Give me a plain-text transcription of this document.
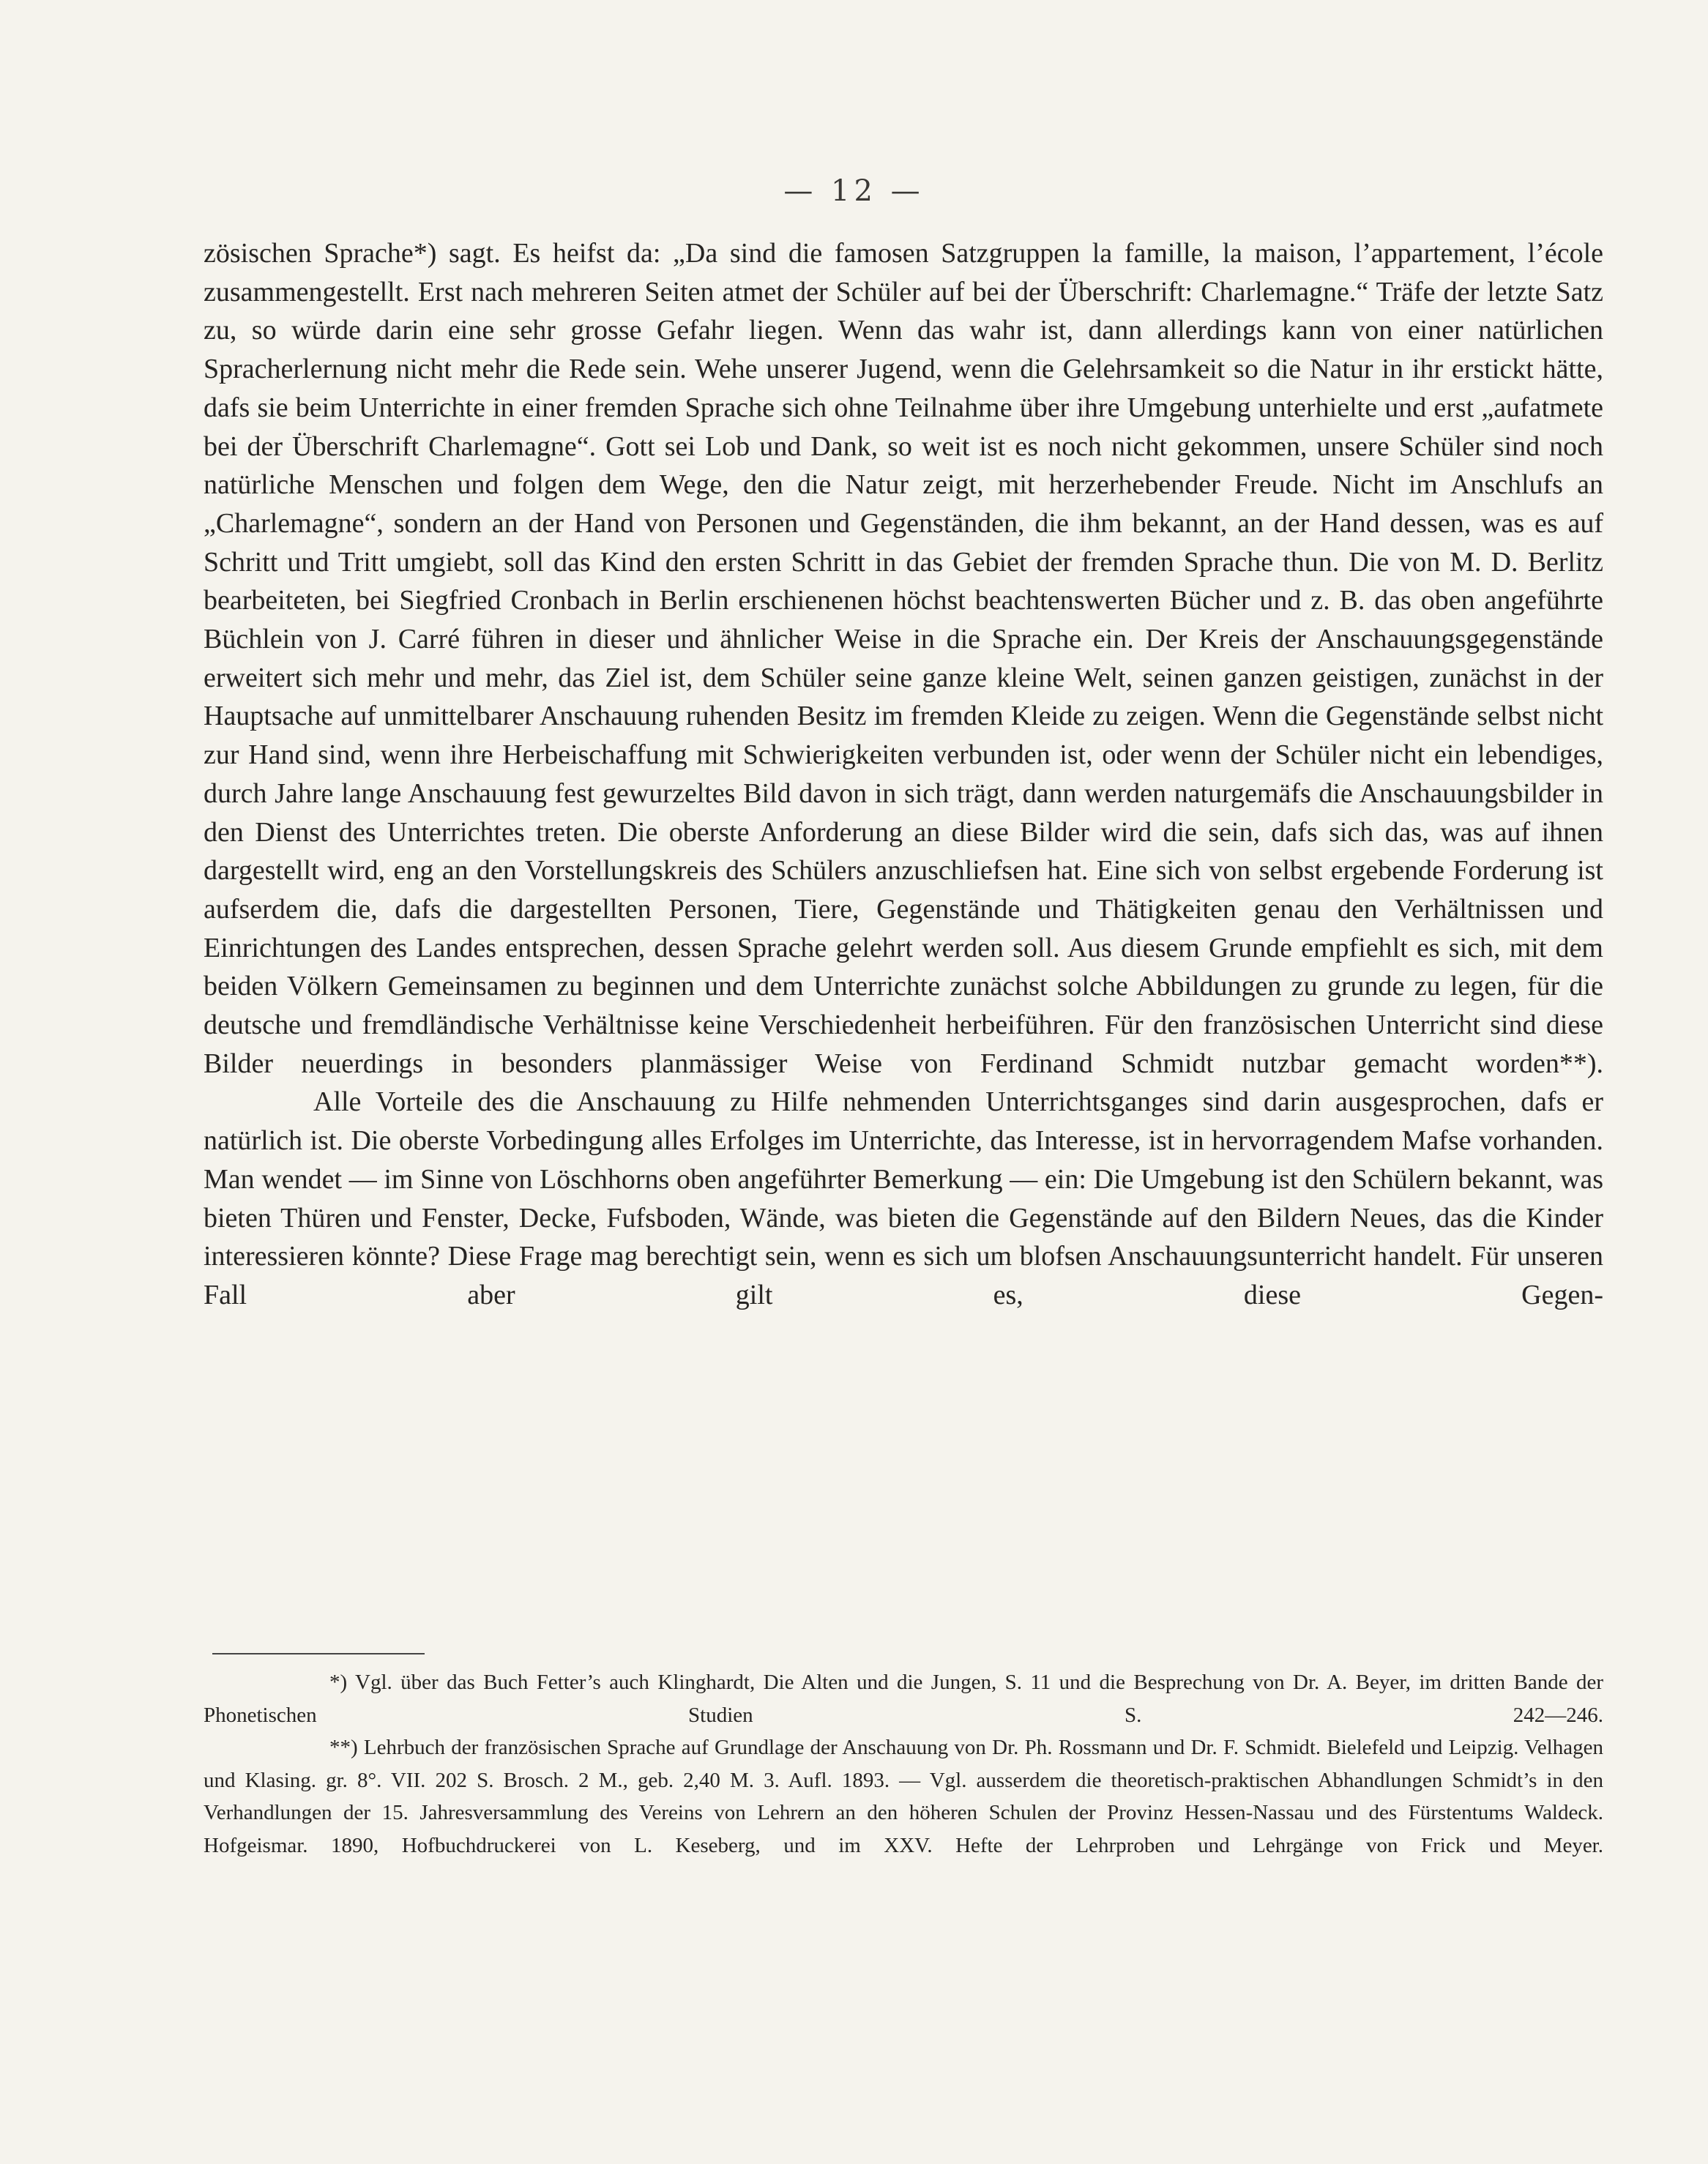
— 12 —

zösischen Sprache*) sagt. Es heifst da: „Da sind die famosen Satzgruppen la famille, la maison, l’appartement, l’école zusammengestellt. Erst nach mehreren Seiten atmet der Schüler auf bei der Überschrift: Charlemagne.“ Träfe der letzte Satz zu, so würde darin eine sehr grosse Gefahr liegen. Wenn das wahr ist, dann allerdings kann von einer natürlichen Spracherlernung nicht mehr die Rede sein. Wehe unserer Jugend, wenn die Gelehrsamkeit so die Natur in ihr erstickt hätte, dafs sie beim Unterrichte in einer fremden Sprache sich ohne Teilnahme über ihre Umgebung unterhielte und erst „aufatmete bei der Überschrift Charlemagne“. Gott sei Lob und Dank, so weit ist es noch nicht gekommen, unsere Schüler sind noch natürliche Menschen und folgen dem Wege, den die Natur zeigt, mit herzerhebender Freude. Nicht im Anschlufs an „Charlemagne“, sondern an der Hand von Personen und Gegenständen, die ihm bekannt, an der Hand dessen, was es auf Schritt und Tritt umgiebt, soll das Kind den ersten Schritt in das Gebiet der fremden Sprache thun. Die von M. D. Berlitz bearbeiteten, bei Siegfried Cronbach in Berlin erschienenen höchst beachtenswerten Bücher und z. B. das oben angeführte Büchlein von J. Carré führen in dieser und ähnlicher Weise in die Sprache ein. Der Kreis der Anschauungsgegenstände erweitert sich mehr und mehr, das Ziel ist, dem Schüler seine ganze kleine Welt, seinen ganzen geistigen, zunächst in der Hauptsache auf unmittelbarer Anschauung ruhenden Besitz im fremden Kleide zu zeigen. Wenn die Gegenstände selbst nicht zur Hand sind, wenn ihre Herbeischaffung mit Schwierigkeiten verbunden ist, oder wenn der Schüler nicht ein lebendiges, durch Jahre lange Anschauung fest gewurzeltes Bild davon in sich trägt, dann werden naturgemäfs die Anschauungsbilder in den Dienst des Unterrichtes treten. Die oberste Anforderung an diese Bilder wird die sein, dafs sich das, was auf ihnen dargestellt wird, eng an den Vorstellungskreis des Schülers anzuschliefsen hat. Eine sich von selbst ergebende Forderung ist aufserdem die, dafs die dargestellten Personen, Tiere, Gegenstände und Thätigkeiten genau den Verhältnissen und Einrichtungen des Landes entsprechen, dessen Sprache gelehrt werden soll. Aus diesem Grunde empfiehlt es sich, mit dem beiden Völkern Gemeinsamen zu beginnen und dem Unterrichte zunächst solche Abbildungen zu grunde zu legen, für die deutsche und fremdländische Verhältnisse keine Verschiedenheit herbeiführen. Für den französischen Unterricht sind diese Bilder neuerdings in besonders planmässiger Weise von Ferdinand Schmidt nutzbar gemacht worden**).

Alle Vorteile des die Anschauung zu Hilfe nehmenden Unterrichtsganges sind darin ausgesprochen, dafs er natürlich ist. Die oberste Vorbedingung alles Erfolges im Unterrichte, das Interesse, ist in hervorragendem Mafse vorhanden. Man wendet — im Sinne von Löschhorns oben angeführter Bemerkung — ein: Die Umgebung ist den Schülern bekannt, was bieten Thüren und Fenster, Decke, Fufsboden, Wände, was bieten die Gegenstände auf den Bildern Neues, das die Kinder interessieren könnte? Diese Frage mag berechtigt sein, wenn es sich um blofsen Anschauungsunterricht handelt. Für unseren Fall aber gilt es, diese Gegen-

*) Vgl. über das Buch Fetter’s auch Klinghardt, Die Alten und die Jungen, S. 11 und die Besprechung von Dr. A. Beyer, im dritten Bande der Phonetischen Studien S. 242—246.

**) Lehrbuch der französischen Sprache auf Grundlage der Anschauung von Dr. Ph. Rossmann und Dr. F. Schmidt. Bielefeld und Leipzig. Velhagen und Klasing. gr. 8°. VII. 202 S. Brosch. 2 M., geb. 2,40 M. 3. Aufl. 1893. — Vgl. ausserdem die theoretisch-praktischen Abhandlungen Schmidt’s in den Verhandlungen der 15. Jahresversammlung des Vereins von Lehrern an den höheren Schulen der Provinz Hessen-Nassau und des Fürstentums Waldeck. Hofgeismar. 1890, Hofbuchdruckerei von L. Keseberg, und im XXV. Hefte der Lehrproben und Lehrgänge von Frick und Meyer.
